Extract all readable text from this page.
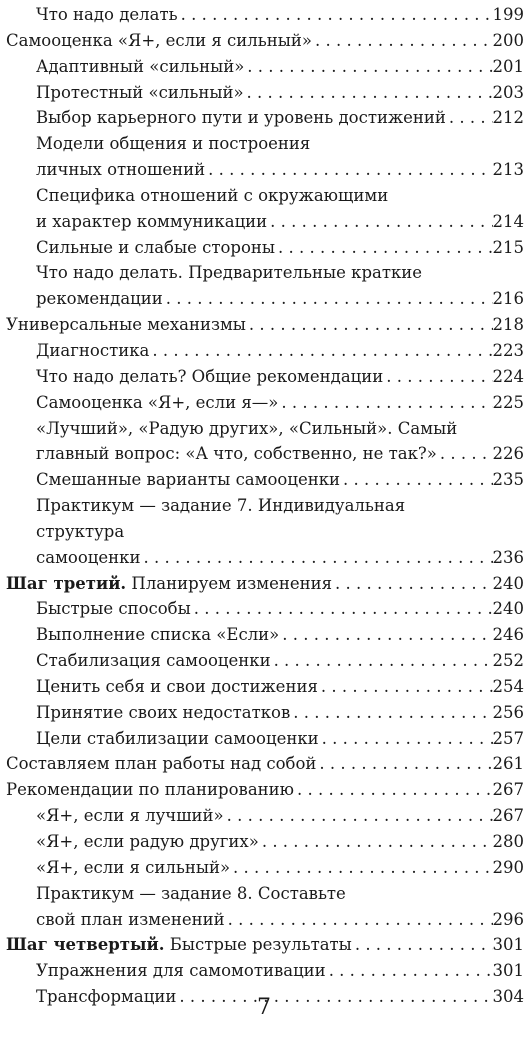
Что надо делать . . .	199
Самооценка «Я+, если я сильный» . . .	200
Адаптивный «сильный» . . .	201
Протестный «сильный» . . .	203
Выбор карьерного пути и уровень достижений . . .	212
Модели общения и построения
личных отношений . . .	213
Специфика отношений с окружающими
и характер коммуникации . . .	214
Сильные и слабые стороны . . .	215
Что надо делать. Предварительные краткие
рекомендации . . .	216
Универсальные механизмы . . .	218
Диагностика . . .	223
Что надо делать? Общие рекомендации . . .	224
Самооценка «Я+, если я—» . . .	225
«Лучший», «Радую других», «Сильный». Самый
главный вопрос: «А что, собственно, не так?» . . .	226
Смешанные варианты самооценки . . .	235
Практикум — задание 7. Индивидуальная
структура
самооценки . . .	236
Шаг третий. Планируем изменения . . .	240
Быстрые способы . . .	240
Выполнение списка «Если» . . .	246
Стабилизация самооценки . . .	252
Ценить себя и свои достижения . . .	254
Принятие своих недостатков . . .	256
Цели стабилизации самооценки . . .	257
Составляем план работы над собой . . .	261
Рекомендации по планированию . . .	267
«Я+, если я лучший» . . .	267
«Я+, если радую других» . . .	280
«Я+, если я сильный» . . .	290
Практикум — задание 8. Составьте
свой план изменений . . .	296
Шаг четвертый. Быстрые результаты . . .	301
Упражнения для самомотивации . . .	301
Трансформации . . .	304
7
